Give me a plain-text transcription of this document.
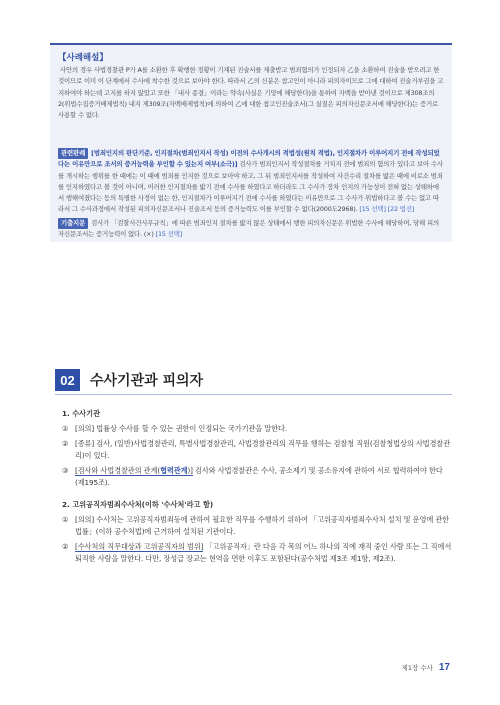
【사례해설】
사안의 경우 사법경찰관 P가 A를 소환한 후 확행한 정황이 기재된 진술서를 제출받고 범죄혐의가 인정되자 乙을 소환하여 진술을 받으려고 한 것이므로 이미 이 단계에서 수사에 착수한 것으로 보아야 한다. 따라서 乙의 신분은 참고인이 아니라 피의자이므로 그에 대하여 진술거부권을 고지하여야 하는데 고지를 하지 않았고 또한 「내사 종결」이라는 약속(사실은 기망에 해당한다)을 통하여 자백을 받아낸 것이므로 제308조의2(위법수집증거배제법칙) 내지 제309조(자백배제법칙)에 의하여 乙에 대한 참고인진술조서(그 실질은 피의자신문조서에 해당한다)는 증거로 사용할 수 없다.
관련판례 [범죄인지의 판단기준, 인지절차(범죄인지서 작성) 이전의 수사개시의 적법성(원칙 적법), 인지절차가 이루어지기 전에 작성되었다는 이유만으로 조서의 증거능력을 부인할 수 있는지 여부(소극)] 검사가 범죄인지서 작성절차를 거치지 전에 범죄의 혐의가 있다고 보아 수사를 개시하는 행위를 한 때에는 이 때에 범죄를 인지한 것으로 보아야 하고, 그 뒤 범죄인지서를 작성하여 사건수리 절차를 밟은 때에 비로소 범죄를 인지하였다고 볼 것이 아니며, 이러한 인지절차를 밟기 전에 수사를 하였다고 하더라도 그 수사가 장차 인지의 가능성이 전혀 없는 상태하에서 행해여졌다는 등의 특별한 사정이 없는 한, 인지절차가 이루어지기 전에 수사를 하였다는 이유만으로 그 수사가 위법하다고 볼 수는 없고 따라서 그 수사과정에서 작성된 피의자신문조서나 진술조서 등의 증거능력도 이를 부인할 수 없다(2000도2968). [15 선택] [22 법선]
기출지문 검사가 「검찰사건사무규칙」에 따른 범죄인지 절차를 밟지 않은 상태에서 행한 피의자신문은 위법한 수사에 해당하며, 당해 피의자신문조서는 증거능력이 없다. (×) [15 선택]
02	수사기관과 피의자
1. 수사기관
① [의의] 법률상 수사를 할 수 있는 권한이 인정되는 국가기관을 말한다.
② [종류] 검사, (일반)사법경찰관리, 특별사법경찰관리, 사법경찰관리의 직무를 행하는 검찰청 직원(검찰청법상의 사법경찰관리)이 있다.
③ [검사와 사법경찰관의 관계(협력관계)] 검사와 사법경찰관은 수사, 공소제기 및 공소유지에 관하여 서로 협력하여야 한다(제195조).
2. 고위공직자범죄수사처(이하 '수사처'라고 함)
① [의의] 수사처는 고위공직자범죄등에 관하여 필요한 직무를 수행하기 위하여 「고위공직자범죄수사처 설치 및 운영에 관한 법률」(이하 공수처법)에 근거하여 설치된 기관이다.
② [수사처의 직무대상과 고위공직자의 범위] 「고위공직자」란 다음 각 목의 어느 하나의 직에 재직 중인 사람 또는 그 직에서 퇴직한 사람을 말한다. 다만, 장성급 장교는 현역을 면한 이후도 포함된다(공수처법 제3조 제1항, 제2조).
제1장 수사 17
